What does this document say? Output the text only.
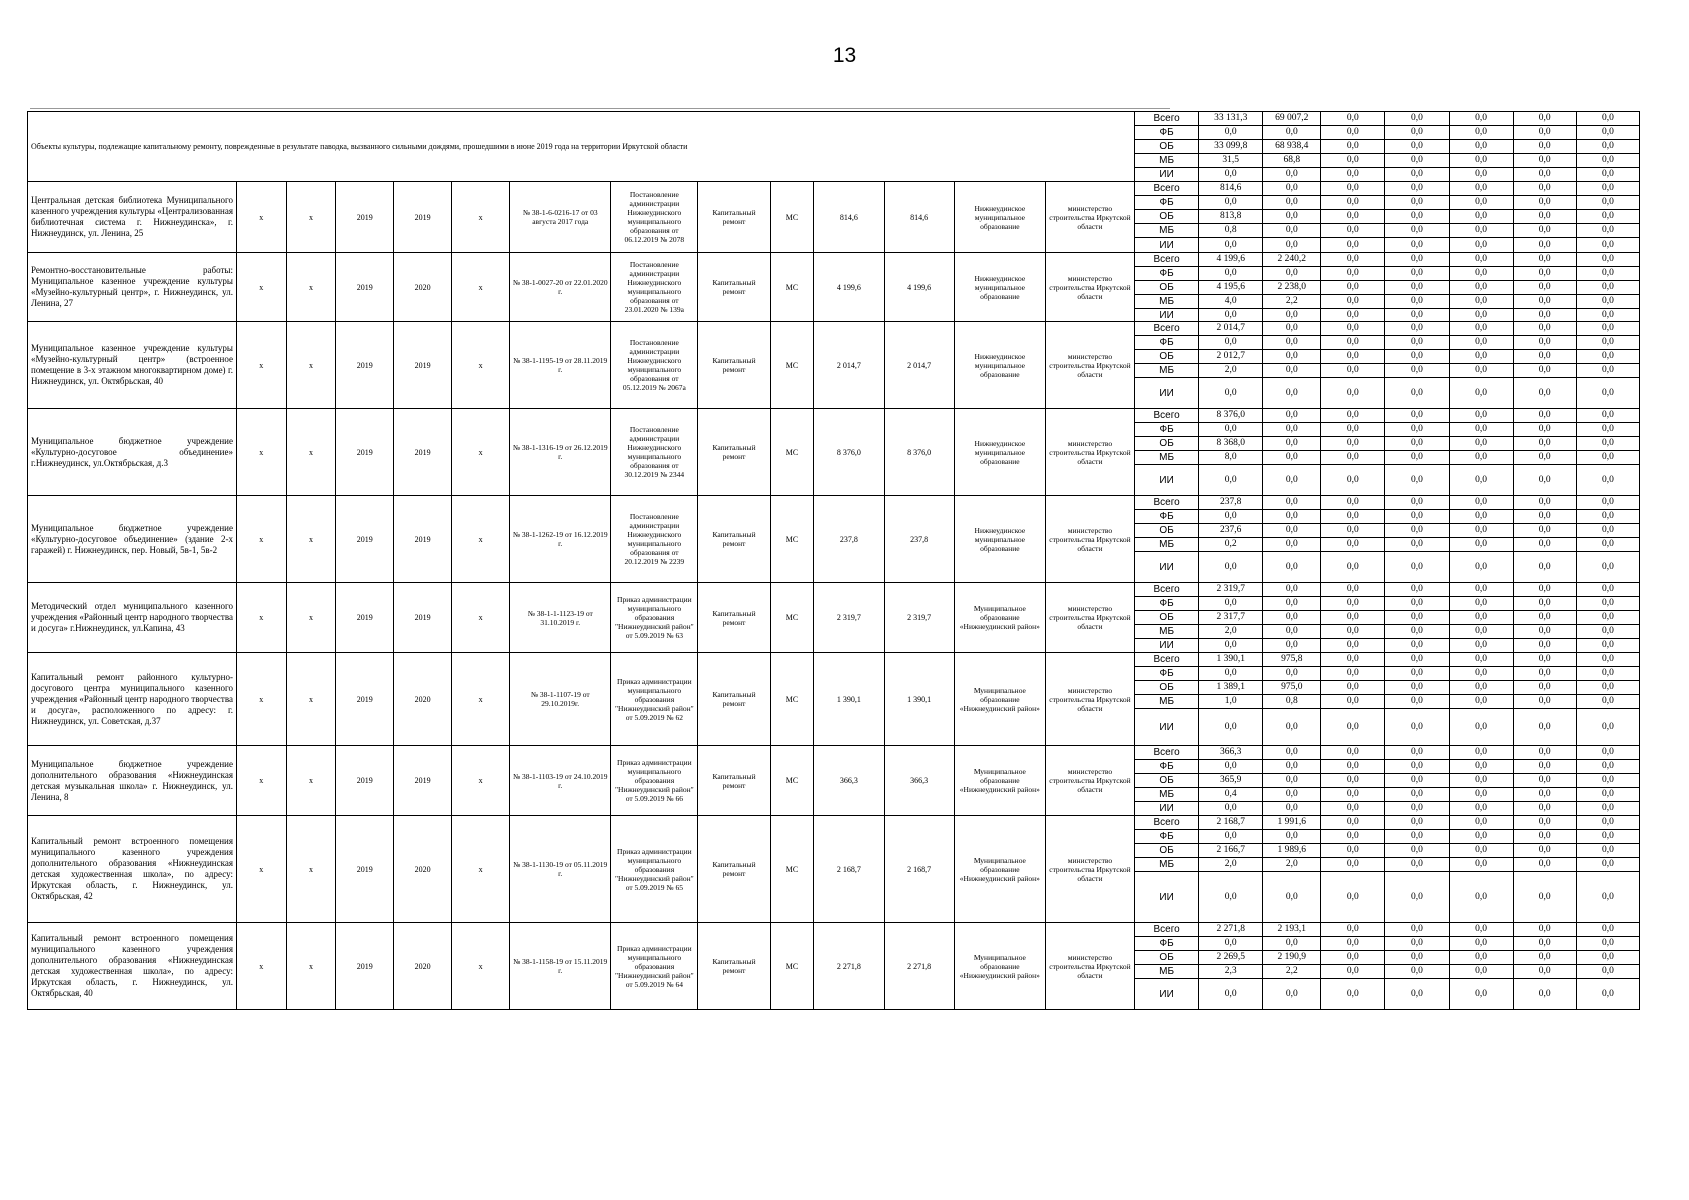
13
Объекты культуры, подлежащие капитальному ремонту, поврежденные в результате паводка, вызванного сильными дождями, прошедшими в июне 2019 года на территории Иркутской области														Всего	33 131,3	69 007,2	0,0	0,0	0,0	0,0	0,0
														ФБ	0,0	0,0	0,0	0,0	0,0	0,0	0,0
														ОБ	33 099,8	68 938,4	0,0	0,0	0,0	0,0	0,0
														МБ	31,5	68,8	0,0	0,0	0,0	0,0	0,0
														ИИ	0,0	0,0	0,0	0,0	0,0	0,0	0,0
Центральная детская библиотека Муниципального казенного учреждения культуры «Централизованная библиотечная система г. Нижнеудинска», г. Нижнеудинск, ул. Ленина, 25	x	x	2019	2019	x	№ 38-1-6-0216-17 от 03 августа 2017 года	Постановление администрации Нижнеудинского муниципального образования от 06.12.2019 № 2078	Капитальный ремонт	МС	814,6	814,6	Нижнеудинское муниципальное образование	министерство строительства Иркутской области	Всего	814,6	0,0	0,0	0,0	0,0	0,0	0,0
														ФБ	0,0	0,0	0,0	0,0	0,0	0,0	0,0
														ОБ	813,8	0,0	0,0	0,0	0,0	0,0	0,0
														МБ	0,8	0,0	0,0	0,0	0,0	0,0	0,0
														ИИ	0,0	0,0	0,0	0,0	0,0	0,0	0,0
Ремонтно-восстановительные работы: Муниципальное казенное учреждение культуры «Музейно-культурный центр», г. Нижнеудинск, ул. Ленина, 27	x	x	2019	2020	x	№ 38-1-0027-20 от 22.01.2020 г.	Постановление администрации Нижнеудинского муниципального образования от 23.01.2020 № 139а	Капитальный ремонт	МС	4 199,6	4 199,6	Нижнеудинское муниципальное образование	министерство строительства Иркутской области	Всего	4 199,6	2 240,2	0,0	0,0	0,0	0,0	0,0
														ФБ	0,0	0,0	0,0	0,0	0,0	0,0	0,0
														ОБ	4 195,6	2 238,0	0,0	0,0	0,0	0,0	0,0
														МБ	4,0	2,2	0,0	0,0	0,0	0,0	0,0
														ИИ	0,0	0,0	0,0	0,0	0,0	0,0	0,0
Муниципальное казенное учреждение культуры «Музейно-культурный центр» (встроенное помещение в 3-х этажном многоквартирном доме) г. Нижнеудинск, ул. Октябрьская, 40	x	x	2019	2019	x	№ 38-1-1195-19 от 28.11.2019 г.	Постановление администрации Нижнеудинского муниципального образования от 05.12.2019 № 2067а	Капитальный ремонт	МС	2 014,7	2 014,7	Нижнеудинское муниципальное образование	министерство строительства Иркутской области	Всего	2 014,7	0,0	0,0	0,0	0,0	0,0	0,0
														ФБ	0,0	0,0	0,0	0,0	0,0	0,0	0,0
														ОБ	2 012,7	0,0	0,0	0,0	0,0	0,0	0,0
														МБ	2,0	0,0	0,0	0,0	0,0	0,0	0,0
														ИИ	0,0	0,0	0,0	0,0	0,0	0,0	0,0
Муниципальное бюджетное учреждение «Культурно-досуговое объединение» г.Нижнеудинск, ул.Октябрьская, д.3	x	x	2019	2019	x	№ 38-1-1316-19 от 26.12.2019 г.	Постановление администрации Нижнеудинского муниципального образования от 30.12.2019 № 2344	Капитальный ремонт	МС	8 376,0	8 376,0	Нижнеудинское муниципальное образование	министерство строительства Иркутской области	Всего	8 376,0	0,0	0,0	0,0	0,0	0,0	0,0
														ФБ	0,0	0,0	0,0	0,0	0,0	0,0	0,0
														ОБ	8 368,0	0,0	0,0	0,0	0,0	0,0	0,0
														МБ	8,0	0,0	0,0	0,0	0,0	0,0	0,0
														ИИ	0,0	0,0	0,0	0,0	0,0	0,0	0,0
Муниципальное бюджетное учреждение «Культурно-досуговое объединение» (здание 2-х гаражей) г. Нижнеудинск, пер. Новый, 5в-1, 5в-2	x	x	2019	2019	x	№ 38-1-1262-19 от 16.12.2019 г.	Постановление администрации Нижнеудинского муниципального образования от 20.12.2019 № 2239	Капитальный ремонт	МС	237,8	237,8	Нижнеудинское муниципальное образование	министерство строительства Иркутской области	Всего	237,8	0,0	0,0	0,0	0,0	0,0	0,0
														ФБ	0,0	0,0	0,0	0,0	0,0	0,0	0,0
														ОБ	237,6	0,0	0,0	0,0	0,0	0,0	0,0
														МБ	0,2	0,0	0,0	0,0	0,0	0,0	0,0
														ИИ	0,0	0,0	0,0	0,0	0,0	0,0	0,0
Методический отдел муниципального казенного учреждения «Районный центр народного творчества и досуга» г.Нижнеудинск, ул.Капина, 43	x	x	2019	2019	x	№ 38-1-1-1123-19 от 31.10.2019 г.	Приказ администрации муниципального образования "Нижнеудинский район" от 5.09.2019 № 63	Капитальный ремонт	МС	2 319,7	2 319,7	Муниципальное образование «Нижнеудинский район»	министерство строительства Иркутской области	Всего	2 319,7	0,0	0,0	0,0	0,0	0,0	0,0
														ФБ	0,0	0,0	0,0	0,0	0,0	0,0	0,0
														ОБ	2 317,7	0,0	0,0	0,0	0,0	0,0	0,0
														МБ	2,0	0,0	0,0	0,0	0,0	0,0	0,0
														ИИ	0,0	0,0	0,0	0,0	0,0	0,0	0,0
Капитальный ремонт районного культурно-досугового центра муниципального казенного учреждения «Районный центр народного творчества и досуга», расположенного по адресу: г. Нижнеудинск, ул. Советская, д.37	x	x	2019	2020	x	№ 38-1-1107-19 от 29.10.2019г.	Приказ администрации муниципального образования "Нижнеудинский район" от 5.09.2019 № 62	Капитальный ремонт	МС	1 390,1	1 390,1	Муниципальное образование «Нижнеудинский район»	министерство строительства Иркутской области	Всего	1 390,1	975,8	0,0	0,0	0,0	0,0	0,0
														ФБ	0,0	0,0	0,0	0,0	0,0	0,0	0,0
														ОБ	1 389,1	975,0	0,0	0,0	0,0	0,0	0,0
														МБ	1,0	0,8	0,0	0,0	0,0	0,0	0,0
														ИИ	0,0	0,0	0,0	0,0	0,0	0,0	0,0
Муниципальное бюджетное учреждение дополнительного образования «Нижнеудинская детская музыкальная школа» г. Нижнеудинск, ул. Ленина, 8	x	x	2019	2019	x	№ 38-1-1103-19 от 24.10.2019 г.	Приказ администрации муниципального образования "Нижнеудинский район" от 5.09.2019 № 66	Капитальный ремонт	МС	366,3	366,3	Муниципальное образование «Нижнеудинский район»	министерство строительства Иркутской области	Всего	366,3	0,0	0,0	0,0	0,0	0,0	0,0
														ФБ	0,0	0,0	0,0	0,0	0,0	0,0	0,0
														ОБ	365,9	0,0	0,0	0,0	0,0	0,0	0,0
														МБ	0,4	0,0	0,0	0,0	0,0	0,0	0,0
														ИИ	0,0	0,0	0,0	0,0	0,0	0,0	0,0
Капитальный ремонт встроенного помещения муниципального казенного учреждения дополнительного образования «Нижнеудинская детская художественная школа», по адресу: Иркутская область, г. Нижнеудинск, ул. Октябрьская, 42	x	x	2019	2020	x	№ 38-1-1130-19 от 05.11.2019 г.	Приказ администрации муниципального образования "Нижнеудинский район" от 5.09.2019 № 65	Капитальный ремонт	МС	2 168,7	2 168,7	Муниципальное образование «Нижнеудинский район»	министерство строительства Иркутской области	Всего	2 168,7	1 991,6	0,0	0,0	0,0	0,0	0,0
														ФБ	0,0	0,0	0,0	0,0	0,0	0,0	0,0
														ОБ	2 166,7	1 989,6	0,0	0,0	0,0	0,0	0,0
														МБ	2,0	2,0	0,0	0,0	0,0	0,0	0,0
														ИИ	0,0	0,0	0,0	0,0	0,0	0,0	0,0
Капитальный ремонт встроенного помещения муниципального казенного учреждения дополнительного образования «Нижнеудинская детская художественная школа», по адресу: Иркутская область, г. Нижнеудинск, ул. Октябрьская, 40	x	x	2019	2020	x	№ 38-1-1158-19 от 15.11.2019 г.	Приказ администрации муниципального образования "Нижнеудинский район" от 5.09.2019 № 64	Капитальный ремонт	МС	2 271,8	2 271,8	Муниципальное образование «Нижнеудинский район»	министерство строительства Иркутской области	Всего	2 271,8	2 193,1	0,0	0,0	0,0	0,0	0,0
														ФБ	0,0	0,0	0,0	0,0	0,0	0,0	0,0
														ОБ	2 269,5	2 190,9	0,0	0,0	0,0	0,0	0,0
														МБ	2,3	2,2	0,0	0,0	0,0	0,0	0,0
														ИИ	0,0	0,0	0,0	0,0	0,0	0,0	0,0
